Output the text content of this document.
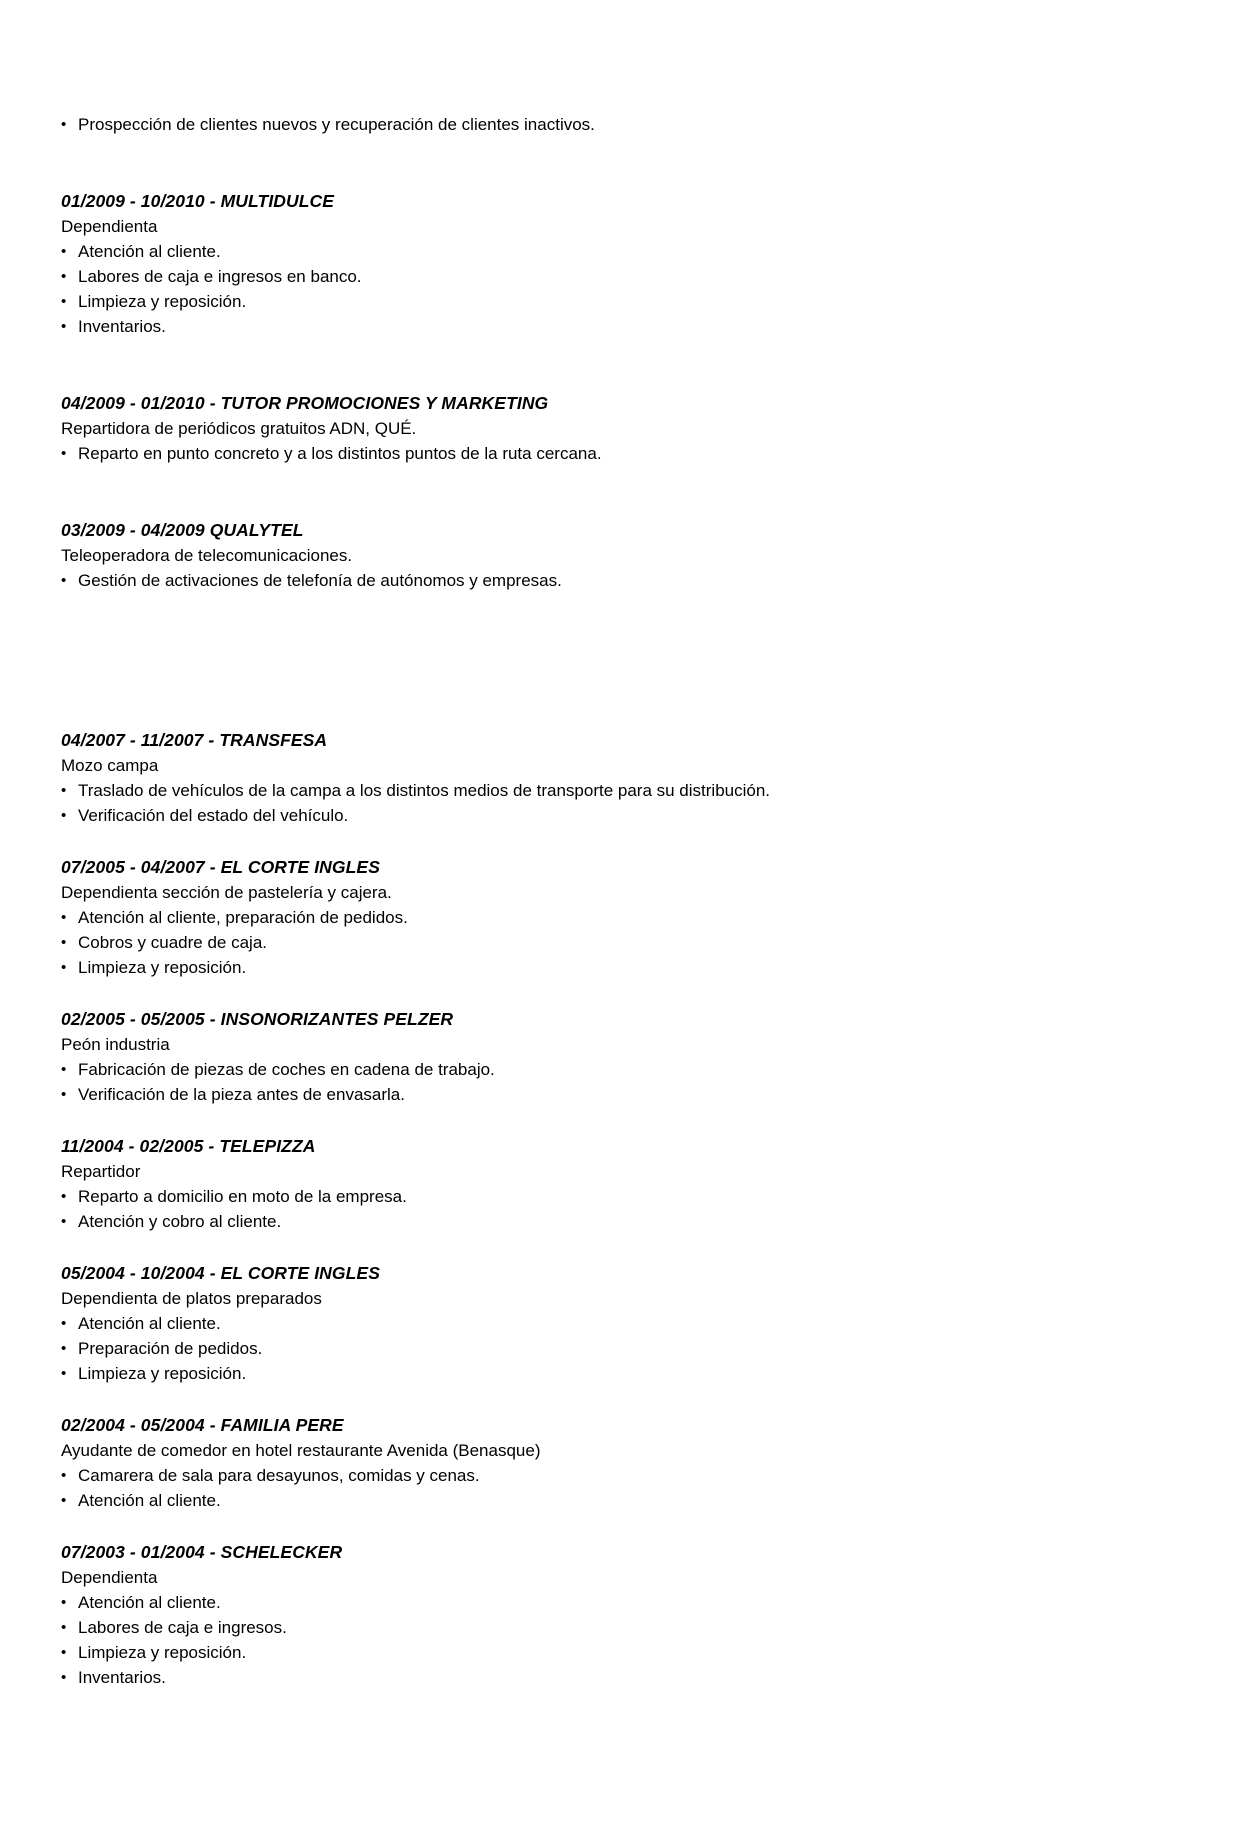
• Prospección de clientes nuevos y recuperación de clientes inactivos.
01/2009 - 10/2010 - MULTIDULCE

Dependienta

• Atención al cliente.
• Labores de caja e ingresos en banco.
• Limpieza y reposición.
• Inventarios.
04/2009 - 01/2010 - TUTOR PROMOCIONES Y MARKETING

Repartidora de periódicos gratuitos ADN, QUÉ.

• Reparto en punto concreto y a los distintos puntos de la ruta cercana.
03/2009 - 04/2009 QUALYTEL

Teleoperadora de telecomunicaciones.

• Gestión de activaciones de telefonía de autónomos y empresas.
04/2007 - 11/2007 - TRANSFESA

Mozo campa

• Traslado de vehículos de la campa a los distintos medios de transporte para su distribución.
• Verificación del estado del vehículo.
07/2005 - 04/2007 - EL CORTE INGLES

Dependienta sección de pastelería y cajera.

• Atención al cliente, preparación de pedidos.
• Cobros y cuadre de caja.
• Limpieza y reposición.
02/2005 - 05/2005 - INSONORIZANTES PELZER

Peón industria

• Fabricación de piezas de coches en cadena de trabajo.
• Verificación de la pieza antes de envasarla.
11/2004 - 02/2005 - TELEPIZZA

Repartidor

• Reparto a domicilio en moto de la empresa.
• Atención y cobro al cliente.
05/2004 - 10/2004 - EL CORTE INGLES

Dependienta de platos preparados

• Atención al cliente.
• Preparación de pedidos.
• Limpieza y reposición.
02/2004 - 05/2004 - FAMILIA PERE

Ayudante de comedor en hotel restaurante Avenida (Benasque)

• Camarera de sala para desayunos, comidas y cenas.
• Atención al cliente.
07/2003 - 01/2004 - SCHELECKER

Dependienta

• Atención al cliente.
• Labores de caja e ingresos.
• Limpieza y reposición.
• Inventarios.
